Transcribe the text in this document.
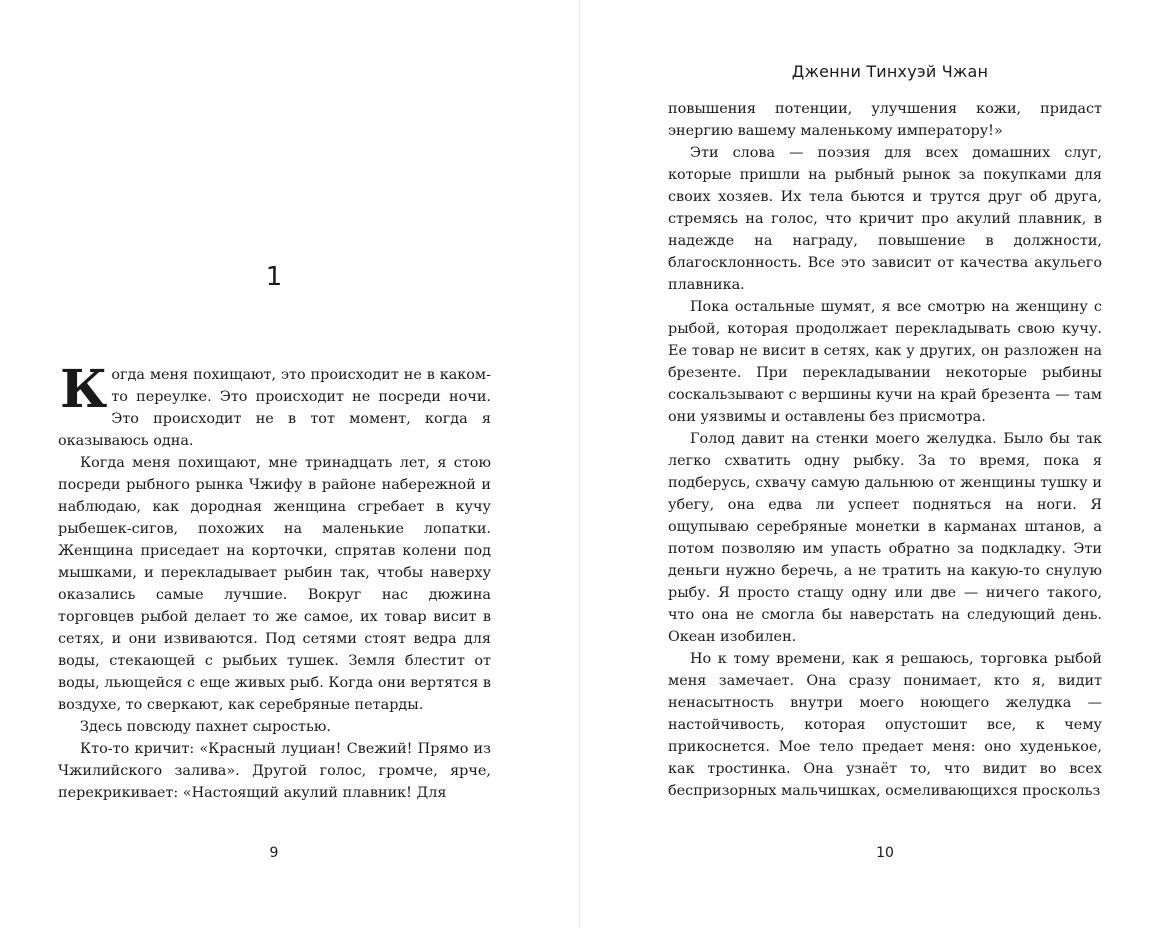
1

Когда меня похищают, это происходит не в каком-то переулке. Это происходит не посреди ночи. Это происходит не в тот момент, когда я оказываюсь одна.

Когда меня похищают, мне тринадцать лет, я стою посреди рыбного рынка Чжифу в районе набережной и наблюдаю, как дородная женщина сгребает в кучу рыбешек-сигов, похожих на маленькие лопатки. Женщина приседает на корточки, спрятав колени под мышками, и перекладывает рыбин так, чтобы наверху оказались самые лучшие. Вокруг нас дюжина торговцев рыбой делает то же самое, их товар висит в сетях, и они извиваются. Под сетями стоят ведра для воды, стекающей с рыбьих тушек. Земля блестит от воды, льющейся с еще живых рыб. Когда они вертятся в воздухе, то сверкают, как серебряные петарды.

Здесь повсюду пахнет сыростью.

Кто-то кричит: «Красный луциан! Свежий! Прямо из Чжилийского залива». Другой голос, громче, ярче, перекрикивает: «Настоящий акулий плавник! Для

9
Дженни Тинхуэй Чжан

повышения потенции, улучшения кожи, придаст энергию вашему маленькому императору!»

Эти слова — поэзия для всех домашних слуг, которые пришли на рыбный рынок за покупками для своих хозяев. Их тела бьются и трутся друг об друга, стремясь на голос, что кричит про акулий плавник, в надежде на награду, повышение в должности, благосклонность. Все это зависит от качества акульего плавника.

Пока остальные шумят, я все смотрю на женщину с рыбой, которая продолжает перекладывать свою кучу. Ее товар не висит в сетях, как у других, он разложен на брезенте. При перекладывании некоторые рыбины соскальзывают с вершины кучи на край брезента — там они уязвимы и оставлены без присмотра.

Голод давит на стенки моего желудка. Было бы так легко схватить одну рыбку. За то время, пока я подберусь, схвачу самую дальнюю от женщины тушку и убегу, она едва ли успеет подняться на ноги. Я ощупываю серебряные монетки в карманах штанов, а потом позволяю им упасть обратно за подкладку. Эти деньги нужно беречь, а не тратить на какую-то снулую рыбу. Я просто стащу одну или две — ничего такого, что она не смогла бы наверстать на следующий день. Океан изобилен.

Но к тому времени, как я решаюсь, торговка рыбой меня замечает. Она сразу понимает, кто я, видит ненасытность внутри моего ноющего желудка — настойчивость, которая опустошит все, к чему прикоснется. Мое тело предает меня: оно худенькое, как тростинка. Она узнаёт то, что видит во всех беспризорных мальчишках, осмеливающихся проскольз

10
